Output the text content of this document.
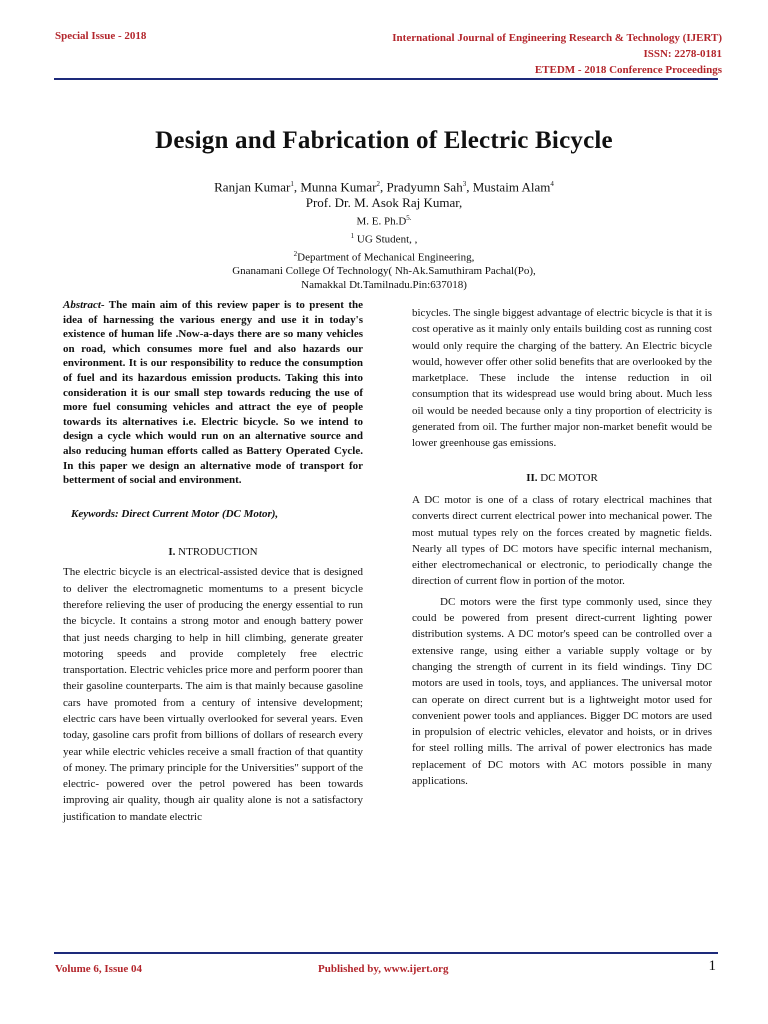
Special Issue - 2018	International Journal of Engineering Research & Technology (IJERT)
ISSN: 2278-0181
ETEDM - 2018 Conference Proceedings
Design and Fabrication of Electric Bicycle
Ranjan Kumar$^1$, Munna Kumar$^2$, Pradyumn Sah$^3$, Mustaim Alam$^4$
Prof. Dr. M. Asok Raj Kumar,
M. E. $Ph.D^{5.}$
$^1$ UG Student, ,
$^2$Department of Mechanical Engineering,
Gnanamani College Of Technology( Nh-Ak.Samuthiram Pachal(Po),
Namakkal Dt.Tamilnadu.Pin:637018)

Abstract- The main aim of this review paper is to present the idea of harnessing the various energy and use it in today's existence of human life .Now-a-days there are so many vehicles on road, which consumes more fuel and also hazards our environment. It is our responsibility to reduce the consumption of fuel and its hazardous emission products. Taking this into consideration it is our small step towards reducing the use of more fuel consuming vehicles and attract the eye of people towards its alternatives i.e. Electric bicycle. So we intend to design a cycle which would run on an alternative source and also reducing human efforts called as Battery Operated Cycle. In this paper we design an alternative mode of transport for betterment of social and environment.

Keywords: Direct Current Motor (DC Motor),

I. NTRODUCTION

The electric bicycle is an electrical-assisted device that is designed to deliver the electromagnetic momentums to a present bicycle therefore relieving the user of producing the energy essential to run the bicycle. It contains a strong motor and enough battery power that just needs charging to help in hill climbing, generate greater motoring speeds and provide completely free electric transportation. Electric vehicles price more and perform poorer than their gasoline counterparts. The aim is that mainly because gasoline cars have promoted from a century of intensive development; electric cars have been virtually overlooked for several years. Even today, gasoline cars profit from billions of dollars of research every year while electric vehicles receive a small fraction of that quantity of money. The primary principle for the Universities" support of the electric- powered over the petrol powered has been towards improving air quality, though air quality alone is not a satisfactory justification to mandate electric

bicycles. The single biggest advantage of electric bicycle is that it is cost operative as it mainly only entails building cost as running cost would only require the charging of the battery. An Electric bicycle would, however offer other solid benefits that are overlooked by the marketplace. These include the intense reduction in oil consumption that its widespread use would bring about. Much less oil would be needed because only a tiny proportion of electricity is generated from oil. The further major non-market benefit would be lower greenhouse gas emissions.

II. DC MOTOR

A DC motor is one of a class of rotary electrical machines that converts direct current electrical power into mechanical power. The most mutual types rely on the forces created by magnetic fields. Nearly all types of DC motors have specific internal mechanism, either electromechanical or electronic, to periodically change the direction of current flow in portion of the motor.

DC motors were the first type commonly used, since they could be powered from present direct-current lighting power distribution systems. A DC motor's speed can be controlled over a extensive range, using either a variable supply voltage or by changing the strength of current in its field windings. Tiny DC motors are used in tools, toys, and appliances. The universal motor can operate on direct current but is a lightweight motor used for convenient power tools and appliances. Bigger DC motors are used in propulsion of electric vehicles, elevator and hoists, or in drives for steel rolling mills. The arrival of power electronics has made replacement of DC motors with AC motors possible in many applications.

Volume 6, Issue 04	Published by, www.ijert.org	1
